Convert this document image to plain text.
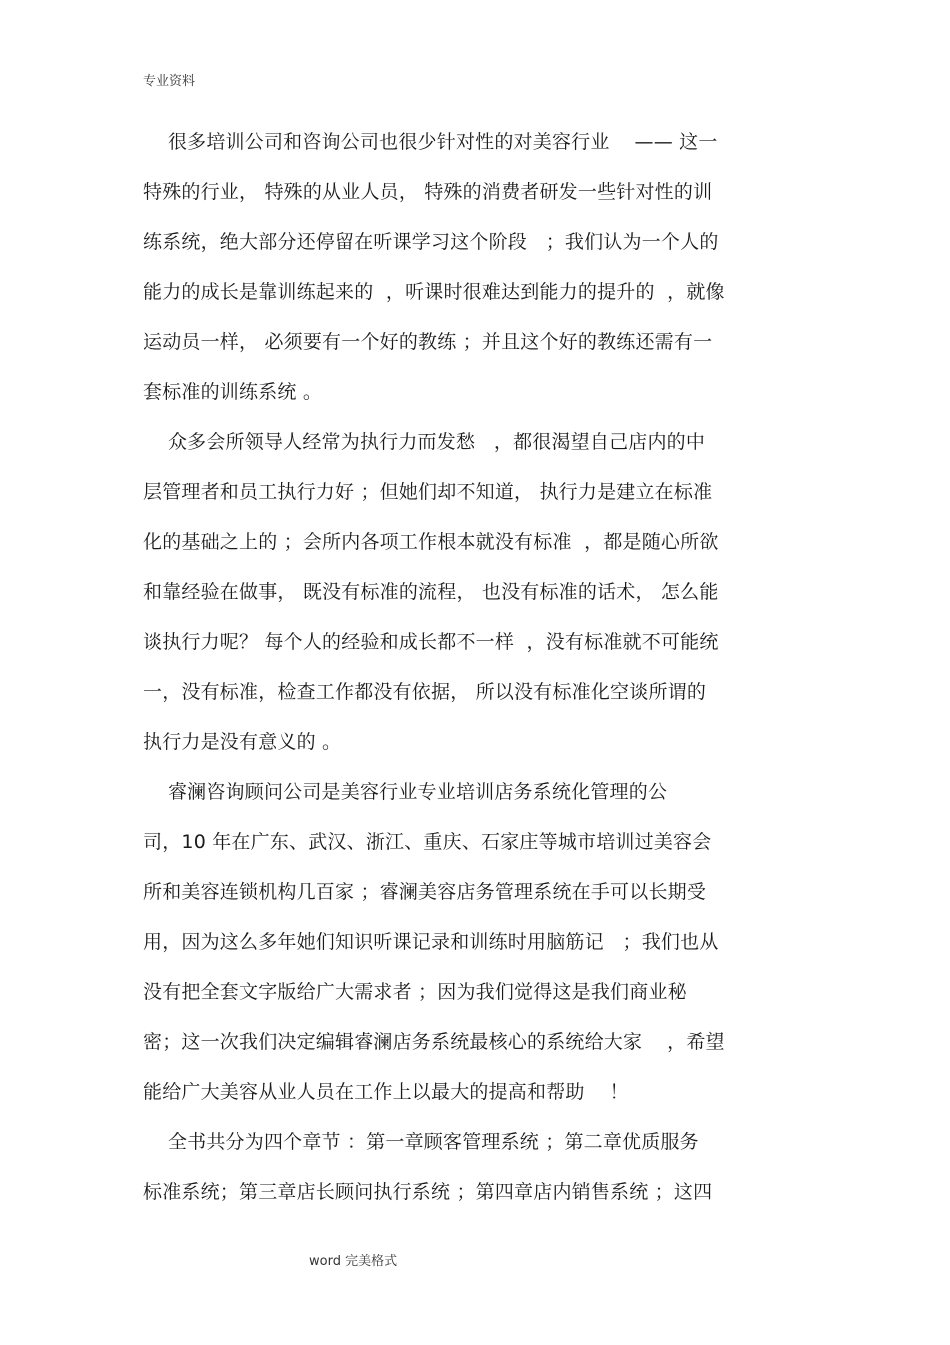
专业资料
很多培训公司和咨询公司也很少针对性的对美容行业    —— 这一
特殊的行业， 特殊的从业人员， 特殊的消费者研发一些针对性的训
练系统，绝大部分还停留在听课学习这个阶段   ；我们认为一个人的
能力的成长是靠训练起来的  ，听课时很难达到能力的提升的  ，就像
运动员一样， 必须要有一个好的教练 ；并且这个好的教练还需有一
套标准的训练系统 。
众多会所领导人经常为执行力而发愁   ，都很渴望自己店内的中
层管理者和员工执行力好 ；但她们却不知道， 执行力是建立在标准
化的基础之上的 ；会所内各项工作根本就没有标准  ，都是随心所欲
和靠经验在做事， 既没有标准的流程， 也没有标准的话术， 怎么能
谈执行力呢？ 每个人的经验和成长都不一样  ，没有标准就不可能统
一，没有标准，检查工作都没有依据， 所以没有标准化空谈所谓的
执行力是没有意义的 。
睿澜咨询顾问公司是美容行业专业培训店务系统化管理的公
司，10 年在广东、武汉、浙江、重庆、石家庄等城市培训过美容会
所和美容连锁机构几百家 ；睿澜美容店务管理系统在手可以长期受
用，因为这么多年她们知识听课记录和训练时用脑筋记   ；我们也从
没有把全套文字版给广大需求者 ；因为我们觉得这是我们商业秘
密；这一次我们决定编辑睿澜店务系统最核心的系统给大家    ，希望
能给广大美容从业人员在工作上以最大的提高和帮助    ！
全书共分为四个章节 ：第一章顾客管理系统 ；第二章优质服务
标准系统；第三章店长顾问执行系统 ；第四章店内销售系统 ；这四
word 完美格式
